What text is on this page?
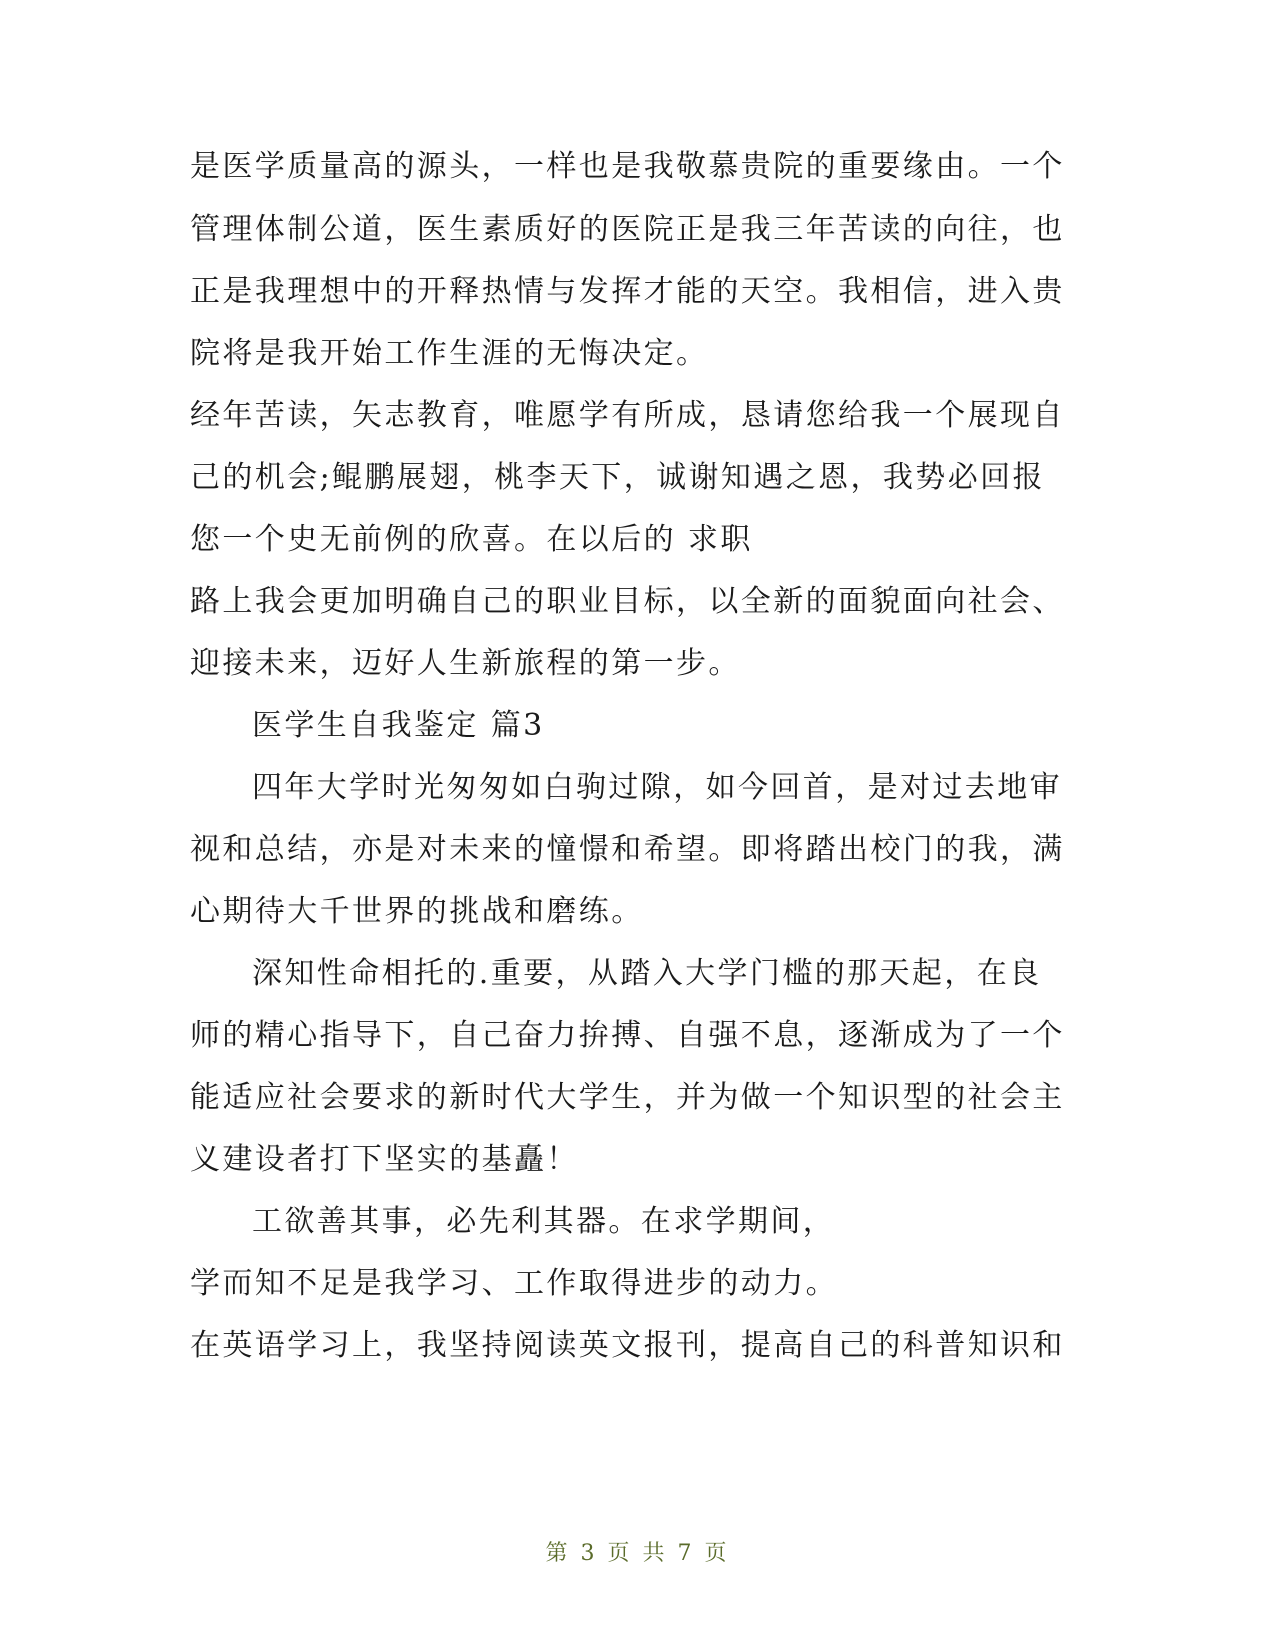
是医学质量高的源头，一样也是我敬慕贵院的重要缘由。一个
管理体制公道，医生素质好的医院正是我三年苦读的向往，也
正是我理想中的开释热情与发挥才能的天空。我相信，进入贵
院将是我开始工作生涯的无悔决定。
经年苦读，矢志教育，唯愿学有所成，恳请您给我一个展现自
己的机会;鲲鹏展翅，桃李天下，诚谢知遇之恩，我势必回报
您一个史无前例的欣喜。在以后的 求职
路上我会更加明确自己的职业目标，以全新的面貌面向社会、
迎接未来，迈好人生新旅程的第一步。
医学生自我鉴定 篇3
四年大学时光匆匆如白驹过隙，如今回首，是对过去地审
视和总结，亦是对未来的憧憬和希望。即将踏出校门的我，满
心期待大千世界的挑战和磨练。
深知性命相托的.重要，从踏入大学门槛的那天起，在良
师的精心指导下，自己奋力拚搏、自强不息，逐渐成为了一个
能适应社会要求的新时代大学生，并为做一个知识型的社会主
义建设者打下坚实的基矗！
工欲善其事，必先利其器。在求学期间，
学而知不足是我学习、工作取得进步的动力。
在英语学习上，我坚持阅读英文报刊，提高自己的科普知识和
第 3 页 共 7 页
